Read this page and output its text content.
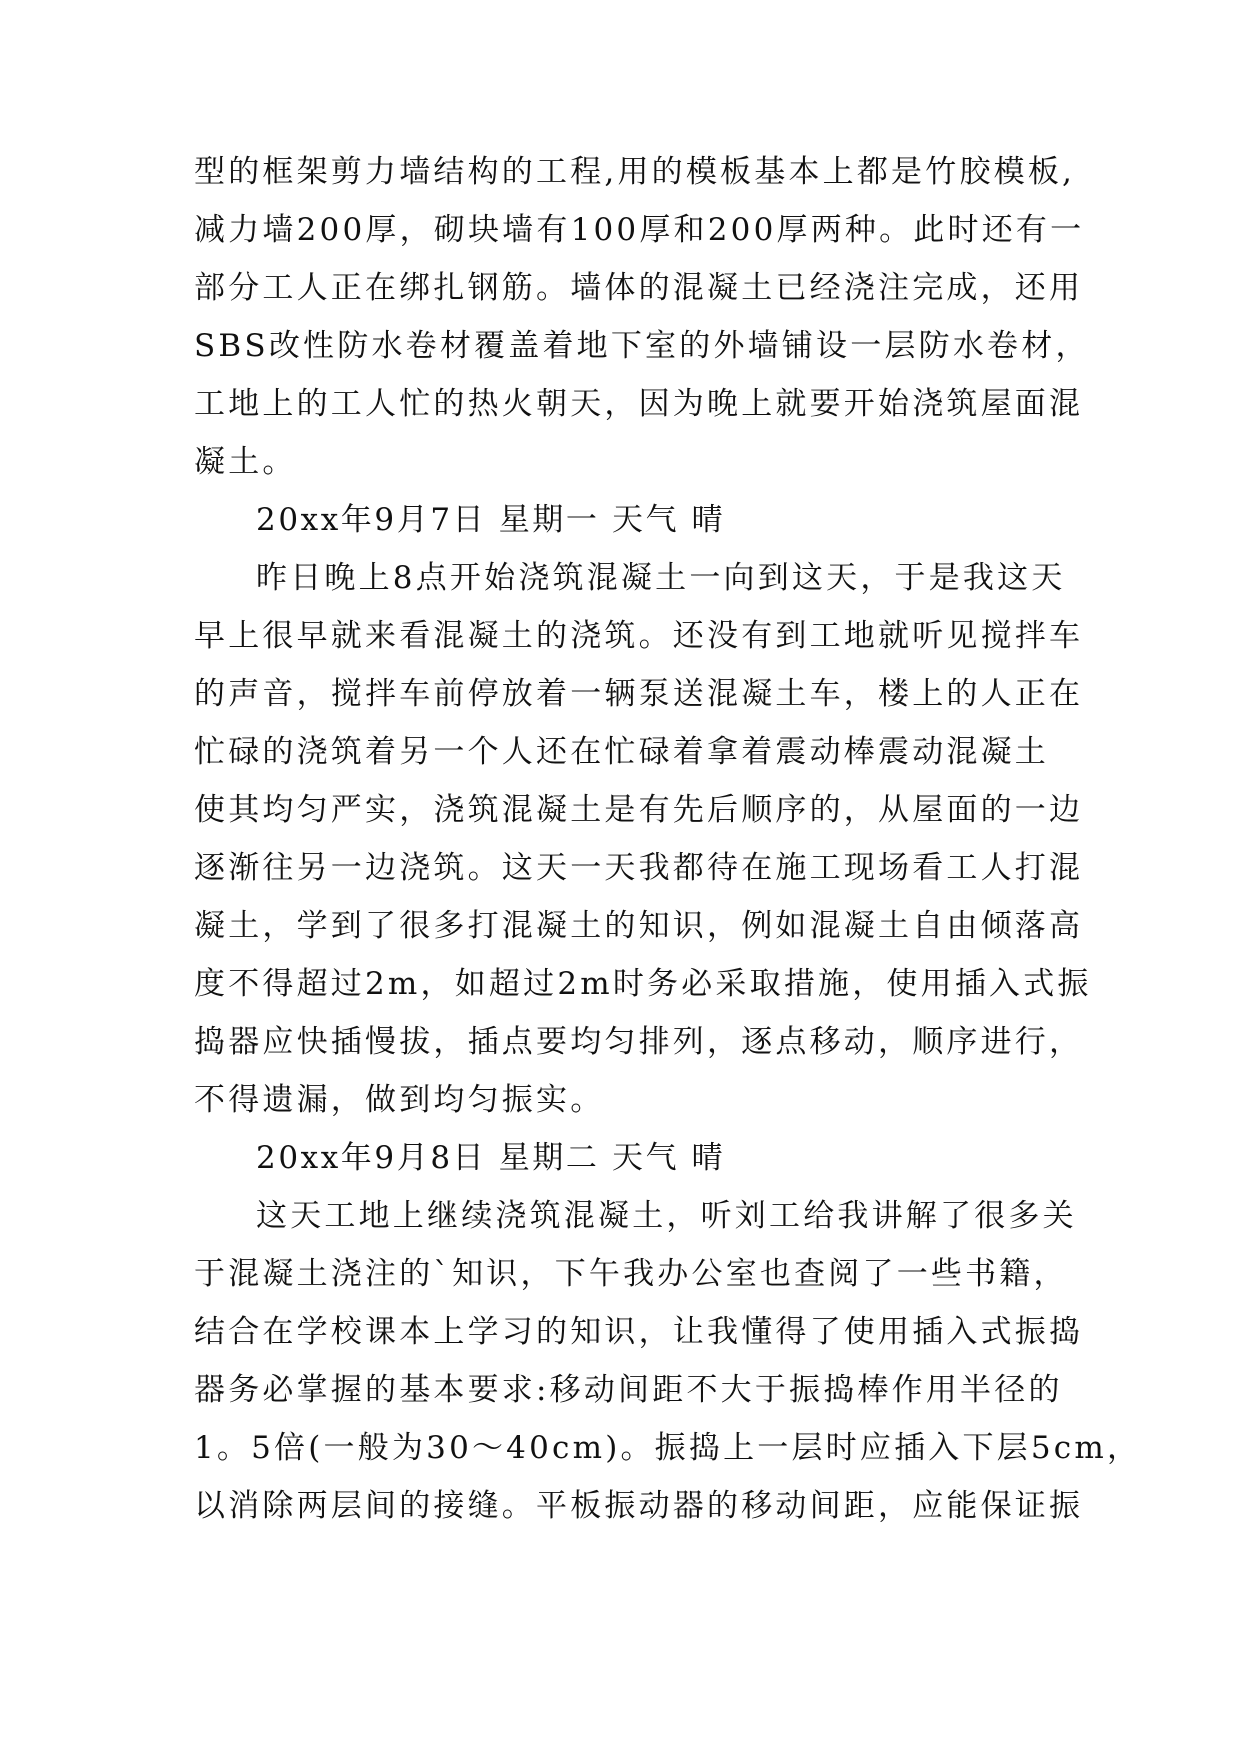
型的框架剪力墙结构的工程,用的模板基本上都是竹胶模板,

减力墙200厚，砌块墙有100厚和200厚两种。此时还有一

部分工人正在绑扎钢筋。墙体的混凝土已经浇注完成，还用

SBS改性防水卷材覆盖着地下室的外墙铺设一层防水卷材，

工地上的工人忙的热火朝天，因为晚上就要开始浇筑屋面混

凝土。

20xx年9月7日 星期一 天气 晴

昨日晚上8点开始浇筑混凝土一向到这天，于是我这天

早上很早就来看混凝土的浇筑。还没有到工地就听见搅拌车

的声音，搅拌车前停放着一辆泵送混凝土车，楼上的人正在

忙碌的浇筑着另一个人还在忙碌着拿着震动棒震动混凝土

使其均匀严实，浇筑混凝土是有先后顺序的，从屋面的一边

逐渐往另一边浇筑。这天一天我都待在施工现场看工人打混

凝土，学到了很多打混凝土的知识，例如混凝土自由倾落高

度不得超过2m，如超过2m时务必采取措施，使用插入式振

捣器应快插慢拔，插点要均匀排列，逐点移动，顺序进行，

不得遗漏，做到均匀振实。

20xx年9月8日 星期二 天气 晴

这天工地上继续浇筑混凝土，听刘工给我讲解了很多关

于混凝土浇注的`知识，下午我办公室也查阅了一些书籍，

结合在学校课本上学习的知识，让我懂得了使用插入式振捣

器务必掌握的基本要求:移动间距不大于振捣棒作用半径的

1。5倍(一般为30～40cm)。振捣上一层时应插入下层5cm，

以消除两层间的接缝。平板振动器的移动间距，应能保证振
